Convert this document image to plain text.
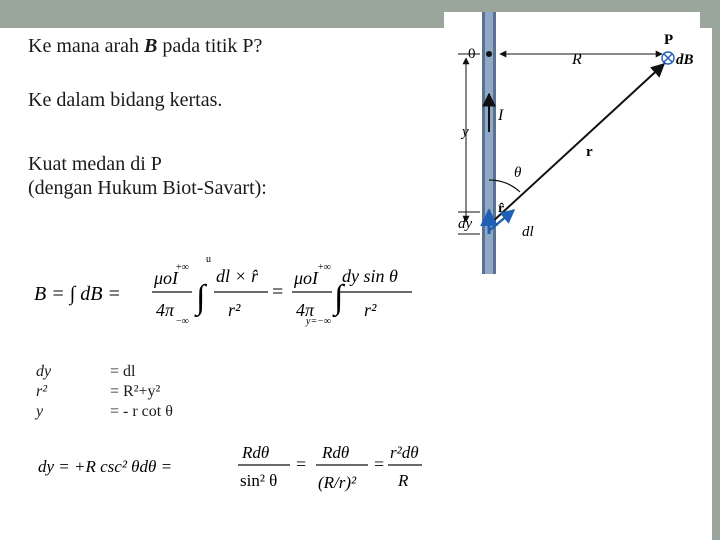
Ke mana arah B pada titik P?
Ke dalam bidang kertas.
Kuat medan di P
(dengan Hukum Biot-Savart):
B = ∫ dB =
μoI
4π ∫
+∞
−∞
u
dl × r̂
r²
=
μoI
4π ∫
+∞
y=−∞
dy sin θ
r²
dy	= dl
r²	= R²+y²
y	= - r cot θ
dy = +R csc² θdθ =
Rdθ
sin² θ
=
Rdθ
(R/r)²
=
r²dθ
R
0	R
P
dB
r
I
y
θ
dy
r̂
dl
